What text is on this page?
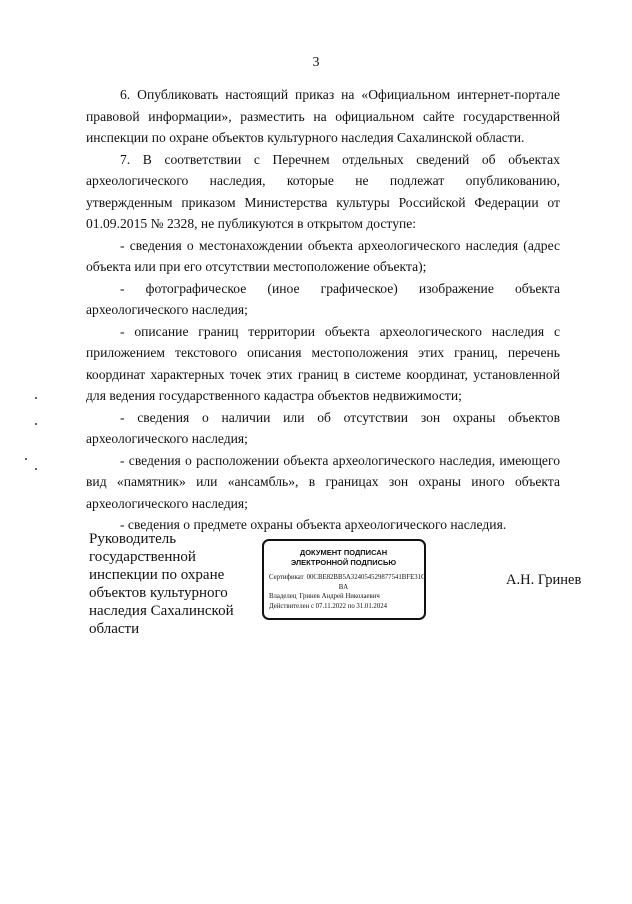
3

6. Опубликовать настоящий приказ на «Официальном интернет-портале правовой информации», разместить на официальном сайте государственной инспекции по охране объектов культурного наследия Сахалинской области.

7. В соответствии с Перечнем отдельных сведений об объектах археологического наследия, которые не подлежат опубликованию, утвержденным приказом Министерства культуры Российской Федерации от 01.09.2015 № 2328, не публикуются в открытом доступе:

- сведения о местонахождении объекта археологического наследия (адрес объекта или при его отсутствии местоположение объекта);

- фотографическое (иное графическое) изображение объекта археологического наследия;

- описание границ территории объекта археологического наследия с приложением текстового описания местоположения этих границ, перечень координат характерных точек этих границ в системе координат, установленной для ведения государственного кадастра объектов недвижимости;

- сведения о наличии или об отсутствии зон охраны объектов археологического наследия;

- сведения о расположении объекта археологического наследия, имеющего вид «памятник» или «ансамбль», в границах зон охраны иного объекта археологического наследия;

- сведения о предмете охраны объекта археологического наследия.

Руководитель
государственной
инспекции по охране
объектов культурного
наследия Сахалинской
области
ДОКУМЕНТ ПОДПИСАН
ЭЛЕКТРОННОЙ ПОДПИСЬЮ
Сертификат 00CBE82BB5A324054529877541BFE31C
BA
Владелец Гринев Андрей Николаевич
Действителен с 07.11.2022 по 31.01.2024
А.Н. Гринев
